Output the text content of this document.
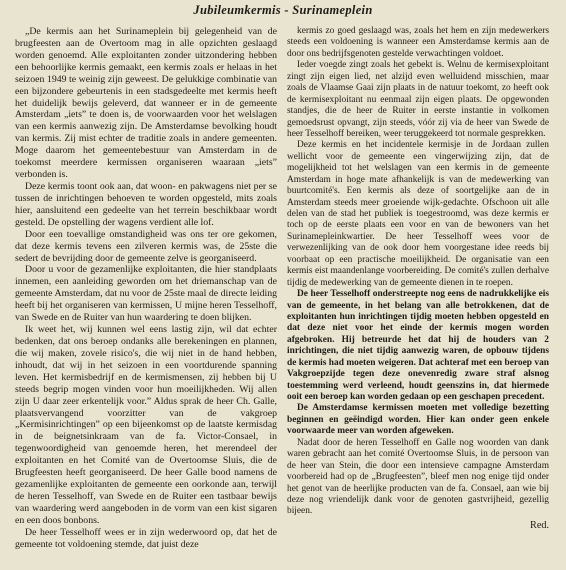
Jubileumkermis - Surinameplein

„De kermis aan het Surinameplein bij gelegenheid van de brugfeesten aan de Overtoom mag in alle opzichten geslaagd worden genoemd. Alle exploitanten zonder uitzondering hebben een behoorlijke kermis gemaakt, een kermis zoals er helaas in het seizoen 1949 te weinig zijn geweest. De gelukkige combinatie van een bijzondere gebeurtenis in een stadsgedeelte met kermis heeft het duidelijk bewijs geleverd, dat wanneer er in de gemeente Amsterdam „iets” te doen is, de voorwaarden voor het welslagen van een kermis aanwezig zijn. De Amsterdamse bevolking houdt van kermis. Zij mist echter de traditie zoals in andere gemeenten. Moge daarom het gemeentebestuur van Amsterdam in de toekomst meerdere kermissen organiseren waaraan „iets” verbonden is.

Deze kermis toont ook aan, dat woon- en pakwagens niet per se tussen de inrichtingen behoeven te worden opgesteld, mits zoals hier, aansluitend een gedeelte van het terrein beschikbaar wordt gesteld. De opstelling der wagens verdient alle lof.

Door een toevallige omstandigheid was ons ter ore gekomen, dat deze kermis tevens een zilveren kermis was, de 25ste die sedert de bevrijding door de gemeente zelve is georganiseerd.

Door u voor de gezamenlijke exploitanten, die hier standplaats innemen, een aanleiding geworden om het driemanschap van de gemeente Amsterdam, dat nu voor de 25ste maal de directe leiding heeft bij het organiseren van kermissen, U mijne heren Tesselhoff, van Swede en de Ruiter van hun waardering te doen blijken.

Ik weet het, wij kunnen wel eens lastig zijn, wil dat echter bedenken, dat ons beroep ondanks alle berekeningen en plannen, die wij maken, zovele risico's, die wij niet in de hand hebben, inhoudt, dat wij in het seizoen in een voortdurende spanning leven. Het kermisbedrijf en de kermismensen, zij hebben bij U steeds begrip mogen vinden voor hun moeilijkheden. Wij allen zijn U daar zeer erkentelijk voor.” Aldus sprak de heer Ch. Galle, plaatsvervangend voorzitter van de vakgroep „Kermisinrichtingen” op een bijeenkomst op de laatste kermisdag in de beignetsinkraam van de fa. Victor-Consael, in tegenwoordigheid van genoemde heren, het merendeel der exploitanten en het Comité van de Overtoomse Sluis, die de Brugfeesten heeft georganiseerd. De heer Galle bood namens de gezamenlijke exploitanten de gemeente een oorkonde aan, terwijl de heren Tesselhoff, van Swede en de Ruiter een tastbaar bewijs van waardering werd aangeboden in de vorm van een kist sigaren en een doos bonbons.

De heer Tesselhoff wees er in zijn wederwoord op, dat het de gemeente tot voldoening stemde, dat juist deze

kermis zo goed geslaagd was, zoals het hem en zijn medewerkers steeds een voldoening is wanneer een Amsterdamse kermis aan de door ons bedrijfsgenoten gestelde verwachtingen voldoet.

Ieder voegde zingt zoals het gebekt is. Welnu de kermisexploitant zingt zijn eigen lied, net alzijd even welluidend misschien, maar zoals de Vlaamse Gaai zijn plaats in de natuur toekomt, zo heeft ook de kermisexploitant nu eenmaal zijn eigen plaats. De opgewonden standjes, die de heer de Ruiter in eerste instantie in volkomen gemoedsrust opvangt, zijn steeds, vóór zij via de heer van Swede de heer Tesselhoff bereiken, weer teruggekeerd tot normale gesprekken.

Deze kermis en het incidentele kermisje in de Jordaan zullen wellicht voor de gemeente een vingerwijzing zijn, dat de mogelijkheid tot het welslagen van een kermis in de gemeente Amsterdam in hoge mate afhankelijk is van de medewerking van buurtcomité's. Een kermis als deze of soortgelijke aan de in Amsterdam steeds meer groeiende wijk-gedachte. Ofschoon uit alle delen van de stad het publiek is toegestroomd, was deze kermis er toch op de eerste plaats een voor en van de bewoners van het Surinamepleinkwartier. De heer Tesselhoff wees voor de verwezenlijking van de ook door hem voorgestane idee reeds bij voorbaat op een practische moeilijkheid. De organisatie van een kermis eist maandenlange voorbereiding. De comité's zullen derhalve tijdig de medewerking van de gemeente dienen in te roepen.

De heer Tesselhoff onderstreepte nog eens de nadrukkelijke eis van de gemeente, in het belang van alle betrokkenen, dat de exploitanten hun inrichtingen tijdig moeten hebben opgesteld en dat deze niet voor het einde der kermis mogen worden afgebroken. Hij betreurde het dat hij de houders van 2 inrichtingen, die niet tijdig aanwezig waren, de opbouw tijdens de kermis had moeten weigeren. Dat achteraf met een beroep van Vakgroepzijde tegen deze onevenredig zware straf alsnog toestemming werd verleend, houdt geenszins in, dat hiermede ooit een beroep kan worden gedaan op een geschapen precedent.

De Amsterdamse kermissen moeten met volledige bezetting beginnen en geëindigd worden. Hier kan onder geen enkele voorwaarde meer van worden afgeweken.

Nadat door de heren Tesselhoff en Galle nog woorden van dank waren gebracht aan het comité Overtoomse Sluis, in de persoon van de heer van Stein, die door een intensieve campagne Amsterdam voorbereid had op de „Brugfeesten”, bleef men nog enige tijd onder het genot van de heerlijke producten van de fa. Consael, aan wie bij deze nog vriendelijk dank voor de genoten gastvrijheid, gezellig bijeen.

Red.
